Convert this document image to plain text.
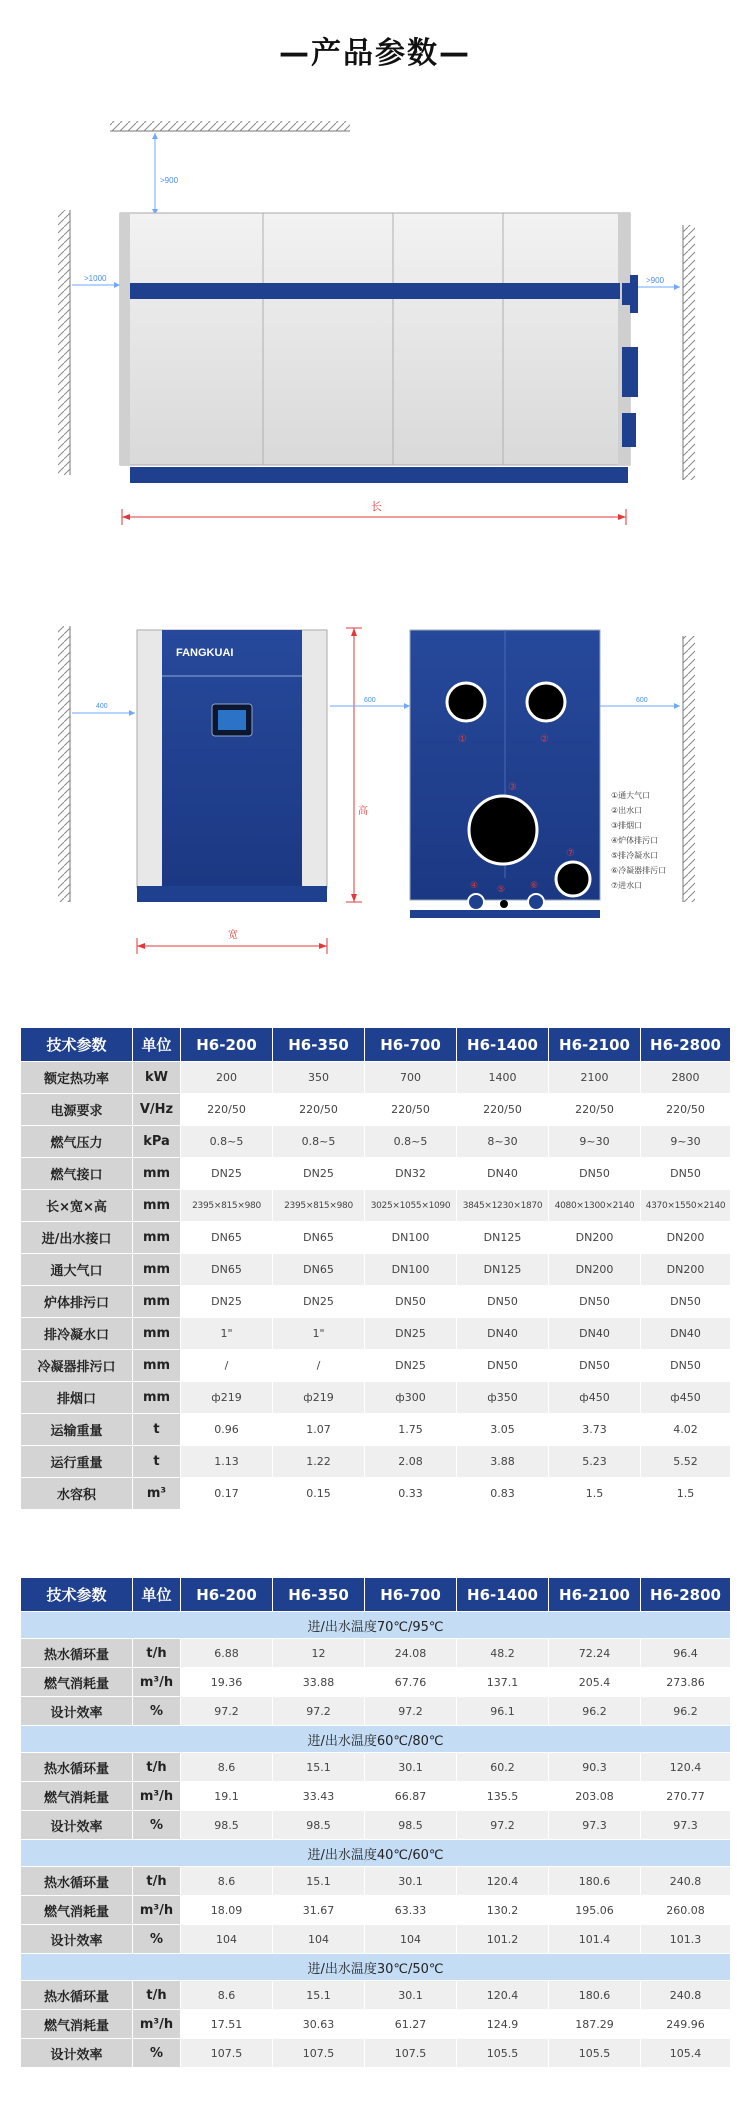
—产品参数—
>900
>1000	>900
长
FANGKUAI
400
600	600
宽
高
①	②
③
④ ⑤	⑥
⑦
①通大气口
②出水口
③排烟口
④炉体排污口
⑤排冷凝水口
⑥冷凝器排污口
⑦进水口
技术参数	单位	H6-200	H6-350	H6-700	H6-1400	H6-2100	H6-2800
额定热功率	kW	200	350	700	1400	2100	2800
电源要求	V/Hz	220/50	220/50	220/50	220/50	220/50	220/50
燃气压力	kPa	0.8~5	0.8~5	0.8~5	8~30	9~30	9~30
燃气接口	mm	DN25	DN25	DN32	DN40	DN50	DN50
长×宽×高	mm	2395×815×980	2395×815×980	3025×1055×1090	3845×1230×1870	4080×1300×2140	4370×1550×2140
进/出水接口	mm	DN65	DN65	DN100	DN125	DN200	DN200
通大气口	mm	DN65	DN65	DN100	DN125	DN200	DN200
炉体排污口	mm	DN25	DN25	DN50	DN50	DN50	DN50
排冷凝水口	mm	1"	1"	DN25	DN40	DN40	DN40
冷凝器排污口	mm	/	/	DN25	DN50	DN50	DN50
排烟口	mm	ф219	ф219	ф300	ф350	ф450	ф450
运输重量	t	0.96	1.07	1.75	3.05	3.73	4.02
运行重量	t	1.13	1.22	2.08	3.88	5.23	5.52
水容积	m³	0.17	0.15	0.33	0.83	1.5	1.5
技术参数	单位	H6-200	H6-350	H6-700	H6-1400	H6-2100	H6-2800
进/出水温度70℃/95℃							
热水循环量	t/h	6.88	12	24.08	48.2	72.24	96.4
燃气消耗量	m³/h	19.36	33.88	67.76	137.1	205.4	273.86
设计效率	%	97.2	97.2	97.2	96.1	96.2	96.2
进/出水温度60℃/80℃							
热水循环量	t/h	8.6	15.1	30.1	60.2	90.3	120.4
燃气消耗量	m³/h	19.1	33.43	66.87	135.5	203.08	270.77
设计效率	%	98.5	98.5	98.5	97.2	97.3	97.3
进/出水温度40℃/60℃							
热水循环量	t/h	8.6	15.1	30.1	120.4	180.6	240.8
燃气消耗量	m³/h	18.09	31.67	63.33	130.2	195.06	260.08
设计效率	%	104	104	104	101.2	101.4	101.3
进/出水温度30℃/50℃							
热水循环量	t/h	8.6	15.1	30.1	120.4	180.6	240.8
燃气消耗量	m³/h	17.51	30.63	61.27	124.9	187.29	249.96
设计效率	%	107.5	107.5	107.5	105.5	105.5	105.4
